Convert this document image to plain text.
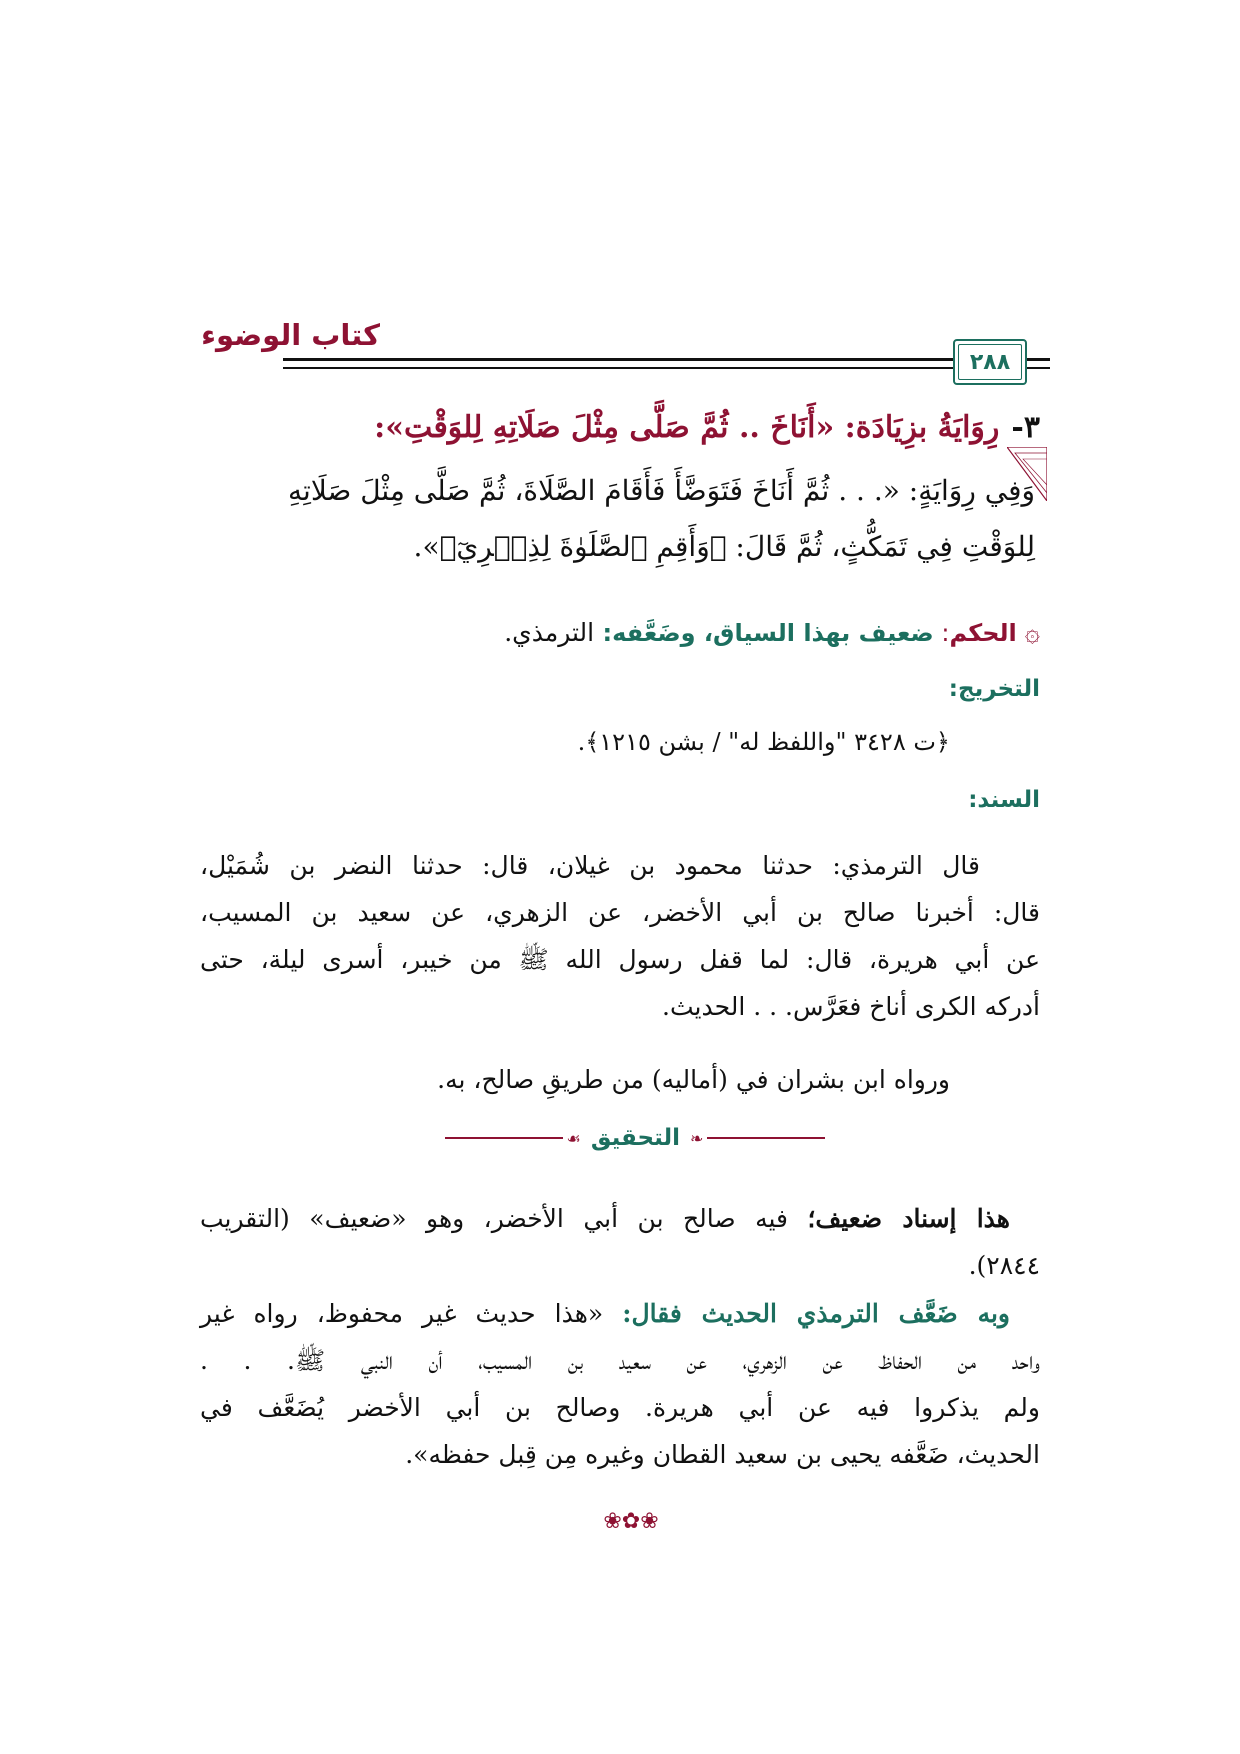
كتاب الوضوء
٢٨٨
٣-رِوَايَةُ بزِيَادَة: «أَنَاخَ .. ثُمَّ صَلَّى مِثْلَ صَلَاتِهِ لِلوَقْتِ»:
وَفِي رِوَايَةٍ: «. . . ثُمَّ أَنَاخَ فَتَوَضَّأَ فَأَقَامَ الصَّلَاةَ، ثُمَّ صَلَّى مِثْلَ صَلَاتِهِ
لِلوَقْتِ فِي تَمَكُّثٍ، ثُمَّ قَالَ: ﴿وَأَقِمِ ٱلصَّلَوٰةَ لِذِكۡرِيٓ﴾».
۞الحكم: ضعيف بهذا السياق، وضَعَّفه: الترمذي.
التخريج:
﴿ت ٣٤٢٨ "واللفظ له" / بشن ١٢١٥﴾.
السند:
قال الترمذي: حدثنا محمود بن غيلان، قال: حدثنا النضر بن شُمَيْل،
قال: أخبرنا صالح بن أبي الأخضر، عن الزهري، عن سعيد بن المسيب،
عن أبي هريرة، قال: لما قفل رسول الله ﷺ من خيبر، أسرى ليلة، حتى
أدركه الكرى أناخ فعَرَّس. . . الحديث.
ورواه ابن بشران في (أماليه) من طريقِ صالح، به.
❧
التحقيق
☙
هذا إسناد ضعيف؛ فيه صالح بن أبي الأخضر، وهو «ضعيف» (التقريب
٢٨٤٤).
وبه ضَعَّف الترمذي الحديث فقال: «هذا حديث غير محفوظ، رواه غير
واحد من الحفاظ عن الزهري، عن سعيد بن المسيب، أن النبي ﷺ. . .
ولم يذكروا فيه عن أبي هريرة. وصالح بن أبي الأخضر يُضَعَّف في
الحديث، ضَعَّفه يحيى بن سعيد القطان وغيره مِن قِبل حفظه».
❀✿❀
